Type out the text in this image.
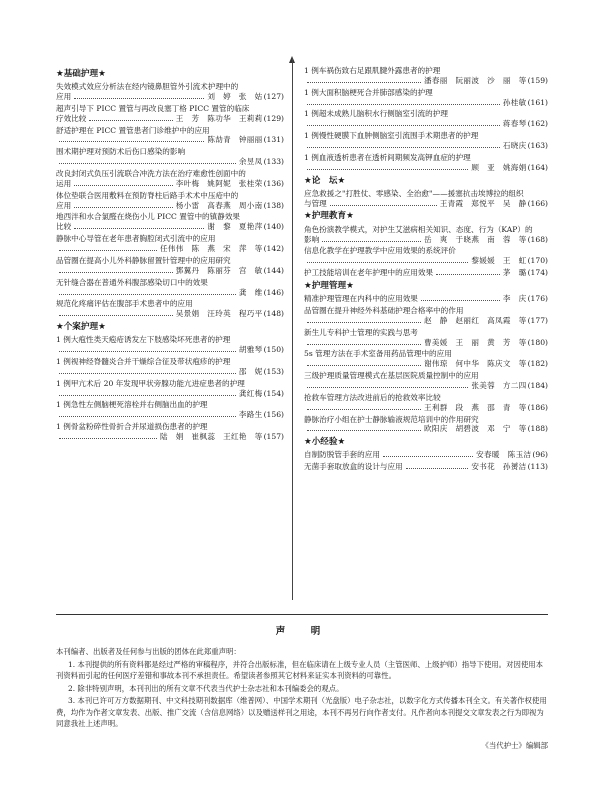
★基础护理★
失效模式效应分析法在经内镜鼻胆管外引流术护理中的
应用	刘　婷　张　姑 (127)
超声引导下 PICC 置管与再改良塞丁格 PICC 置管的临床
疗效比较	王　芳　陈功华　王莉莉 (129)
舒适护理在 PICC 置管患者门诊维护中的应用
陈劼青　钟丽丽 (131)
围术期护理对预防术后伤口感染的影响
余昱凤 (133)
改良封闭式负压引流联合冲洗方法在治疗难愈性创面中的
运用	李叶梅　姚阿妮　张桂荣 (136)
体位垫联合医用敷料在预防脊柱后路手术术中压疮中的
应用	杨小雷　高春燕　周小南 (138)
地西泮和水合氯醛在烧伤小儿 PICC 置管中的镇静效果
比较	谢　黎　夏艳萍 (140)
静脉中心导管在老年患者胸腔闭式引流中的应用
任伟伟　陈　燕　宋　萍　等 (142)
品管圈在提高小儿外科静脉留置针管理中的应用研究
鄧翼丹　陈丽芬　宫　敏 (144)
无针缝合器在普通外科腹部感染切口中的效果
龚　维 (146)
规范化疼痛评估在腹部手术患者中的应用
吴景娟　汪玲英　程巧平 (148)
★个案护理★
1 例大疱性类天疱疮诱发左下肢感染坏死患者的护理
胡雅琴 (150)
1 例视神经脊髓炎合并干燥综合征及带状疱疹的护理
邵　妮 (153)
1 例甲亢术后 20 年发现甲状旁腺功能亢进症患者的护理
龚红梅 (154)
1 例急性左侧脑梗死溶栓并右侧脑出血的护理
李路生 (156)
1 例骨盆粉碎性骨折合并尿道损伤患者的护理
陆　娟　崔枫蕊　王红艳　等 (157)
1 例车祸伤致右足跟肌腱外露患者的护理
潘春丽　阮丽波　沙　丽　等 (159)
1 例大面积脑梗死合并肺部感染的护理
孙桂敏 (161)
1 例超未成熟儿脑积水行侧脑室引流的护理
蒋春琴 (162)
1 例慢性硬膜下血肿侧脑室引流围手术期患者的护理
石晓庆 (163)
1 例血液透析患者在透析间期频发高钾血症的护理
顾　亚　姚海娟 (164)
★论　坛★
应急救援之"打胜仗、零感染、全治愈"——援塞抗击埃博拉的组织
与管理	王青霞　郑悦平　吴　静 (166)
★护理教育★
角色扮演教学模式，对护生艾滋病相关知识、态度、行为（KAP）的
影响	岳　爽　于晓燕　南　蓉　等 (168)
信息化教学在护理教学中应用效果的系统评价
黎媛媛　王　虹 (170)
护工技能培训在老年护理中的应用效果	茅　璐 (174)
★护理管理★
精准护理管理在内科中的应用效果	李　庆 (176)
品管圈在提升神经外科基础护理合格率中的作用
赵　静　赵丽红　高凤霞　等 (177)
新生儿专科护士管理的实践与思考
曹美媛　王　丽　黄　芳　等 (180)
5s 管理方法在手术室备用药品管理中的应用
谢伟琼　何中华　陈庆文　等 (182)
三级护理质量管理模式在基层医院质量控制中的应用
张美蓉　方二四 (184)
抢救车管理方法改进前后的抢救效率比较
王利群　段　燕　邵　青　等 (186)
静脉治疗小组在护士静脉输液规范培训中的作用研究
欧阳庆　胡碧波　邓　宁　等 (188)
★小经验★
自制防脱管手套的应用	安春暖　陈玉洁 (96)
无菌手套取放盒的设计与应用	安书花　孙赟洁 (113)
声　明

本刊编者、出版者及任何参与出版的团体在此郑重声明：

1. 本刊提供的所有资料都是经过严格的审稿程序，并符合出版标准，但在临床请在上级专业人员（主管医师、上级护师）指导下使用。对因使用本刊资料而引起的任何医疗差错和事故本刊不承担责任。希望读者参照其它材料来证实本刊资料的可靠性。

2. 除非特别声明，本刊刊出的所有文章不代表当代护士杂志社和本刊编委会的观点。

3. 本刊已许可万方数据期刊、中文科技期刊数据库（维普网）、中国学术期刊（光盘版）电子杂志社，以数字化方式传播本刊全文。有关著作权使用费，均作为作者文章发表、出版、推广交流（含信息网络）以及赠送样刊之用途，本刊不再另行向作者支付。凡作者向本刊提交文章发表之行为即视为同意我社上述声明。

《当代护士》编辑部
